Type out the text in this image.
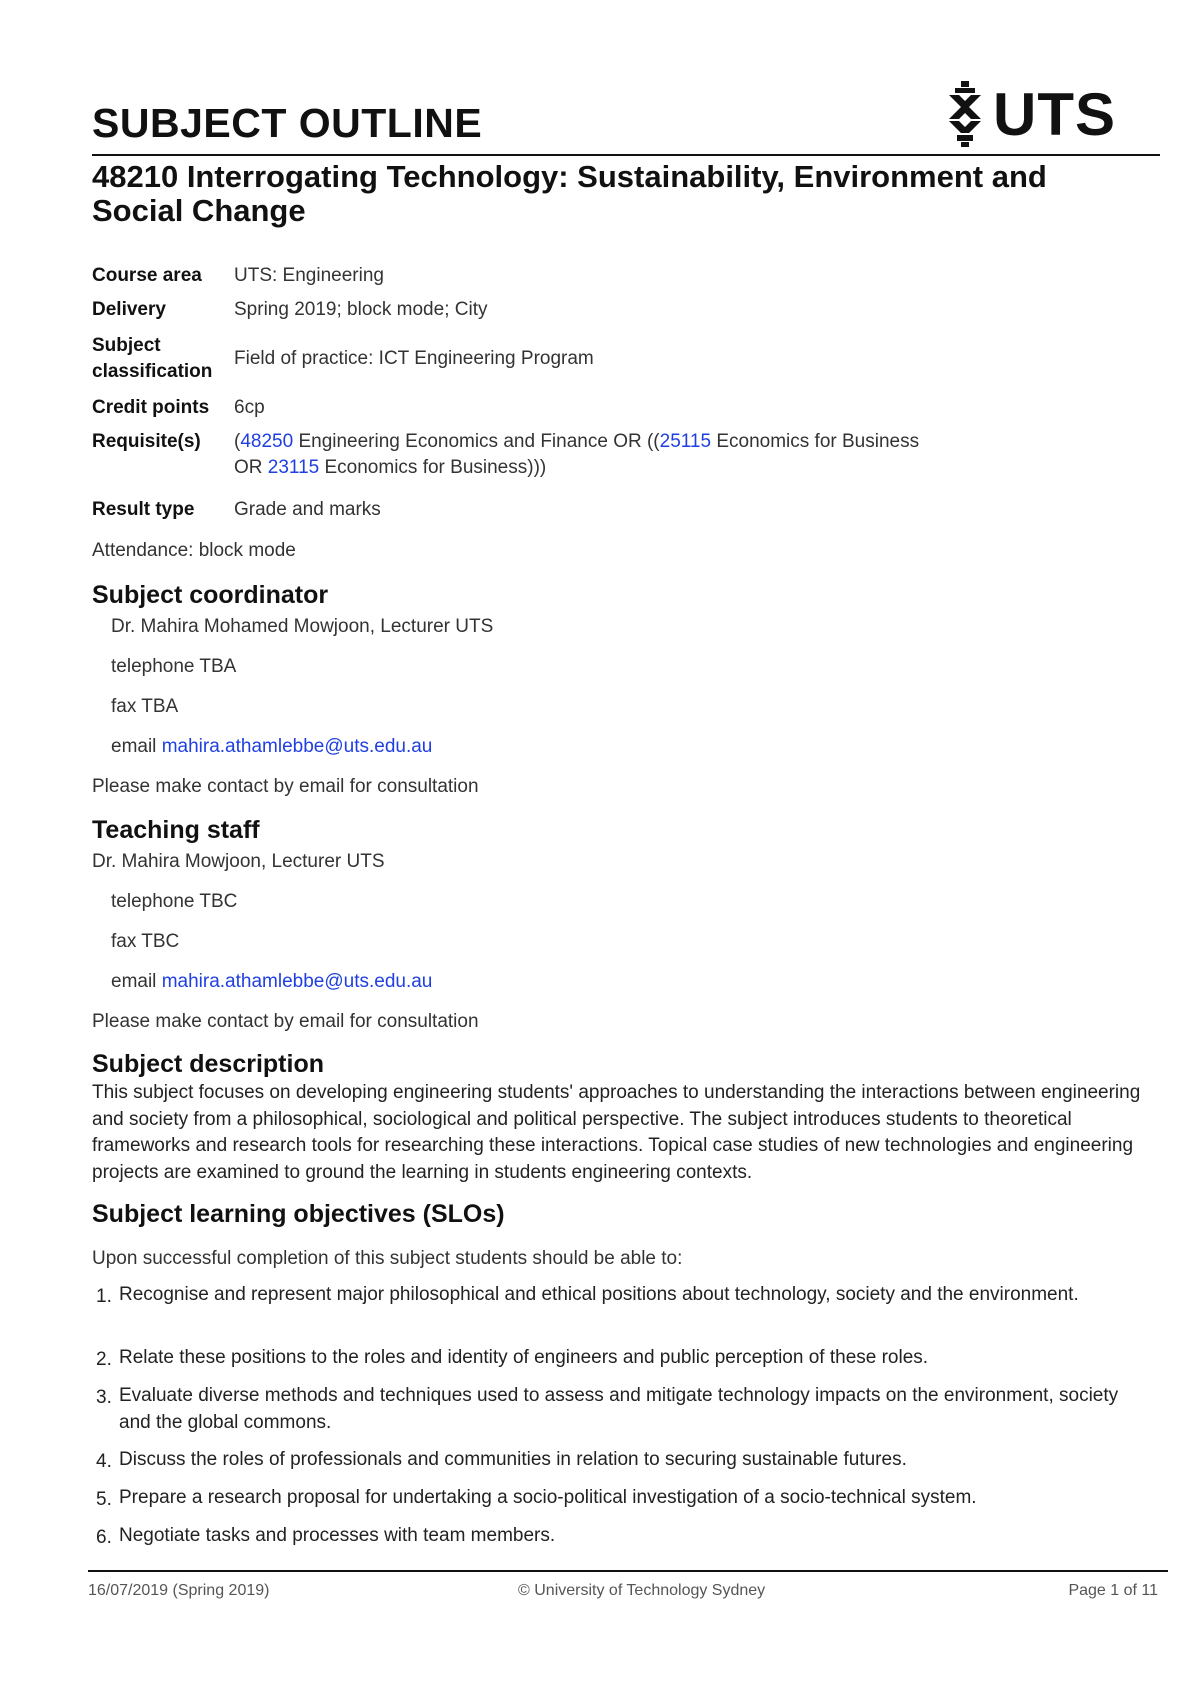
SUBJECT OUTLINE	UTS
48210 Interrogating Technology: Sustainability, Environment and Social Change
Course area	UTS: Engineering
Delivery	Spring 2019; block mode; City
Subject
classification	Field of practice: ICT Engineering Program
Credit points	6cp
Requisite(s)	(48250 Engineering Economics and Finance OR ((25115 Economics for Business
OR 23115 Economics for Business)))
Result type	Grade and marks

Attendance: block mode

Subject coordinator

Dr. Mahira Mohamed Mowjoon, Lecturer UTS

telephone TBA

fax TBA

email mahira.athamlebbe@uts.edu.au

Please make contact by email for consultation

Teaching staff

Dr. Mahira Mowjoon, Lecturer UTS

telephone TBC

fax TBC

email mahira.athamlebbe@uts.edu.au

Please make contact by email for consultation

Subject description

This subject focuses on developing engineering students' approaches to understanding the interactions between engineering and society from a philosophical, sociological and political perspective. The subject introduces students to theoretical frameworks and research tools for researching these interactions. Topical case studies of new technologies and engineering projects are examined to ground the learning in students engineering contexts.

Subject learning objectives (SLOs)

Upon successful completion of this subject students should be able to:

1. Recognise and represent major philosophical and ethical positions about technology, society and the environment.
2. Relate these positions to the roles and identity of engineers and public perception of these roles.
3. Evaluate diverse methods and techniques used to assess and mitigate technology impacts on the environment, society and the global commons.
4. Discuss the roles of professionals and communities in relation to securing sustainable futures.
5. Prepare a research proposal for undertaking a socio-political investigation of a socio-technical system.
6. Negotiate tasks and processes with team members.
16/07/2019 (Spring 2019)	© University of Technology Sydney	Page 1 of 11
